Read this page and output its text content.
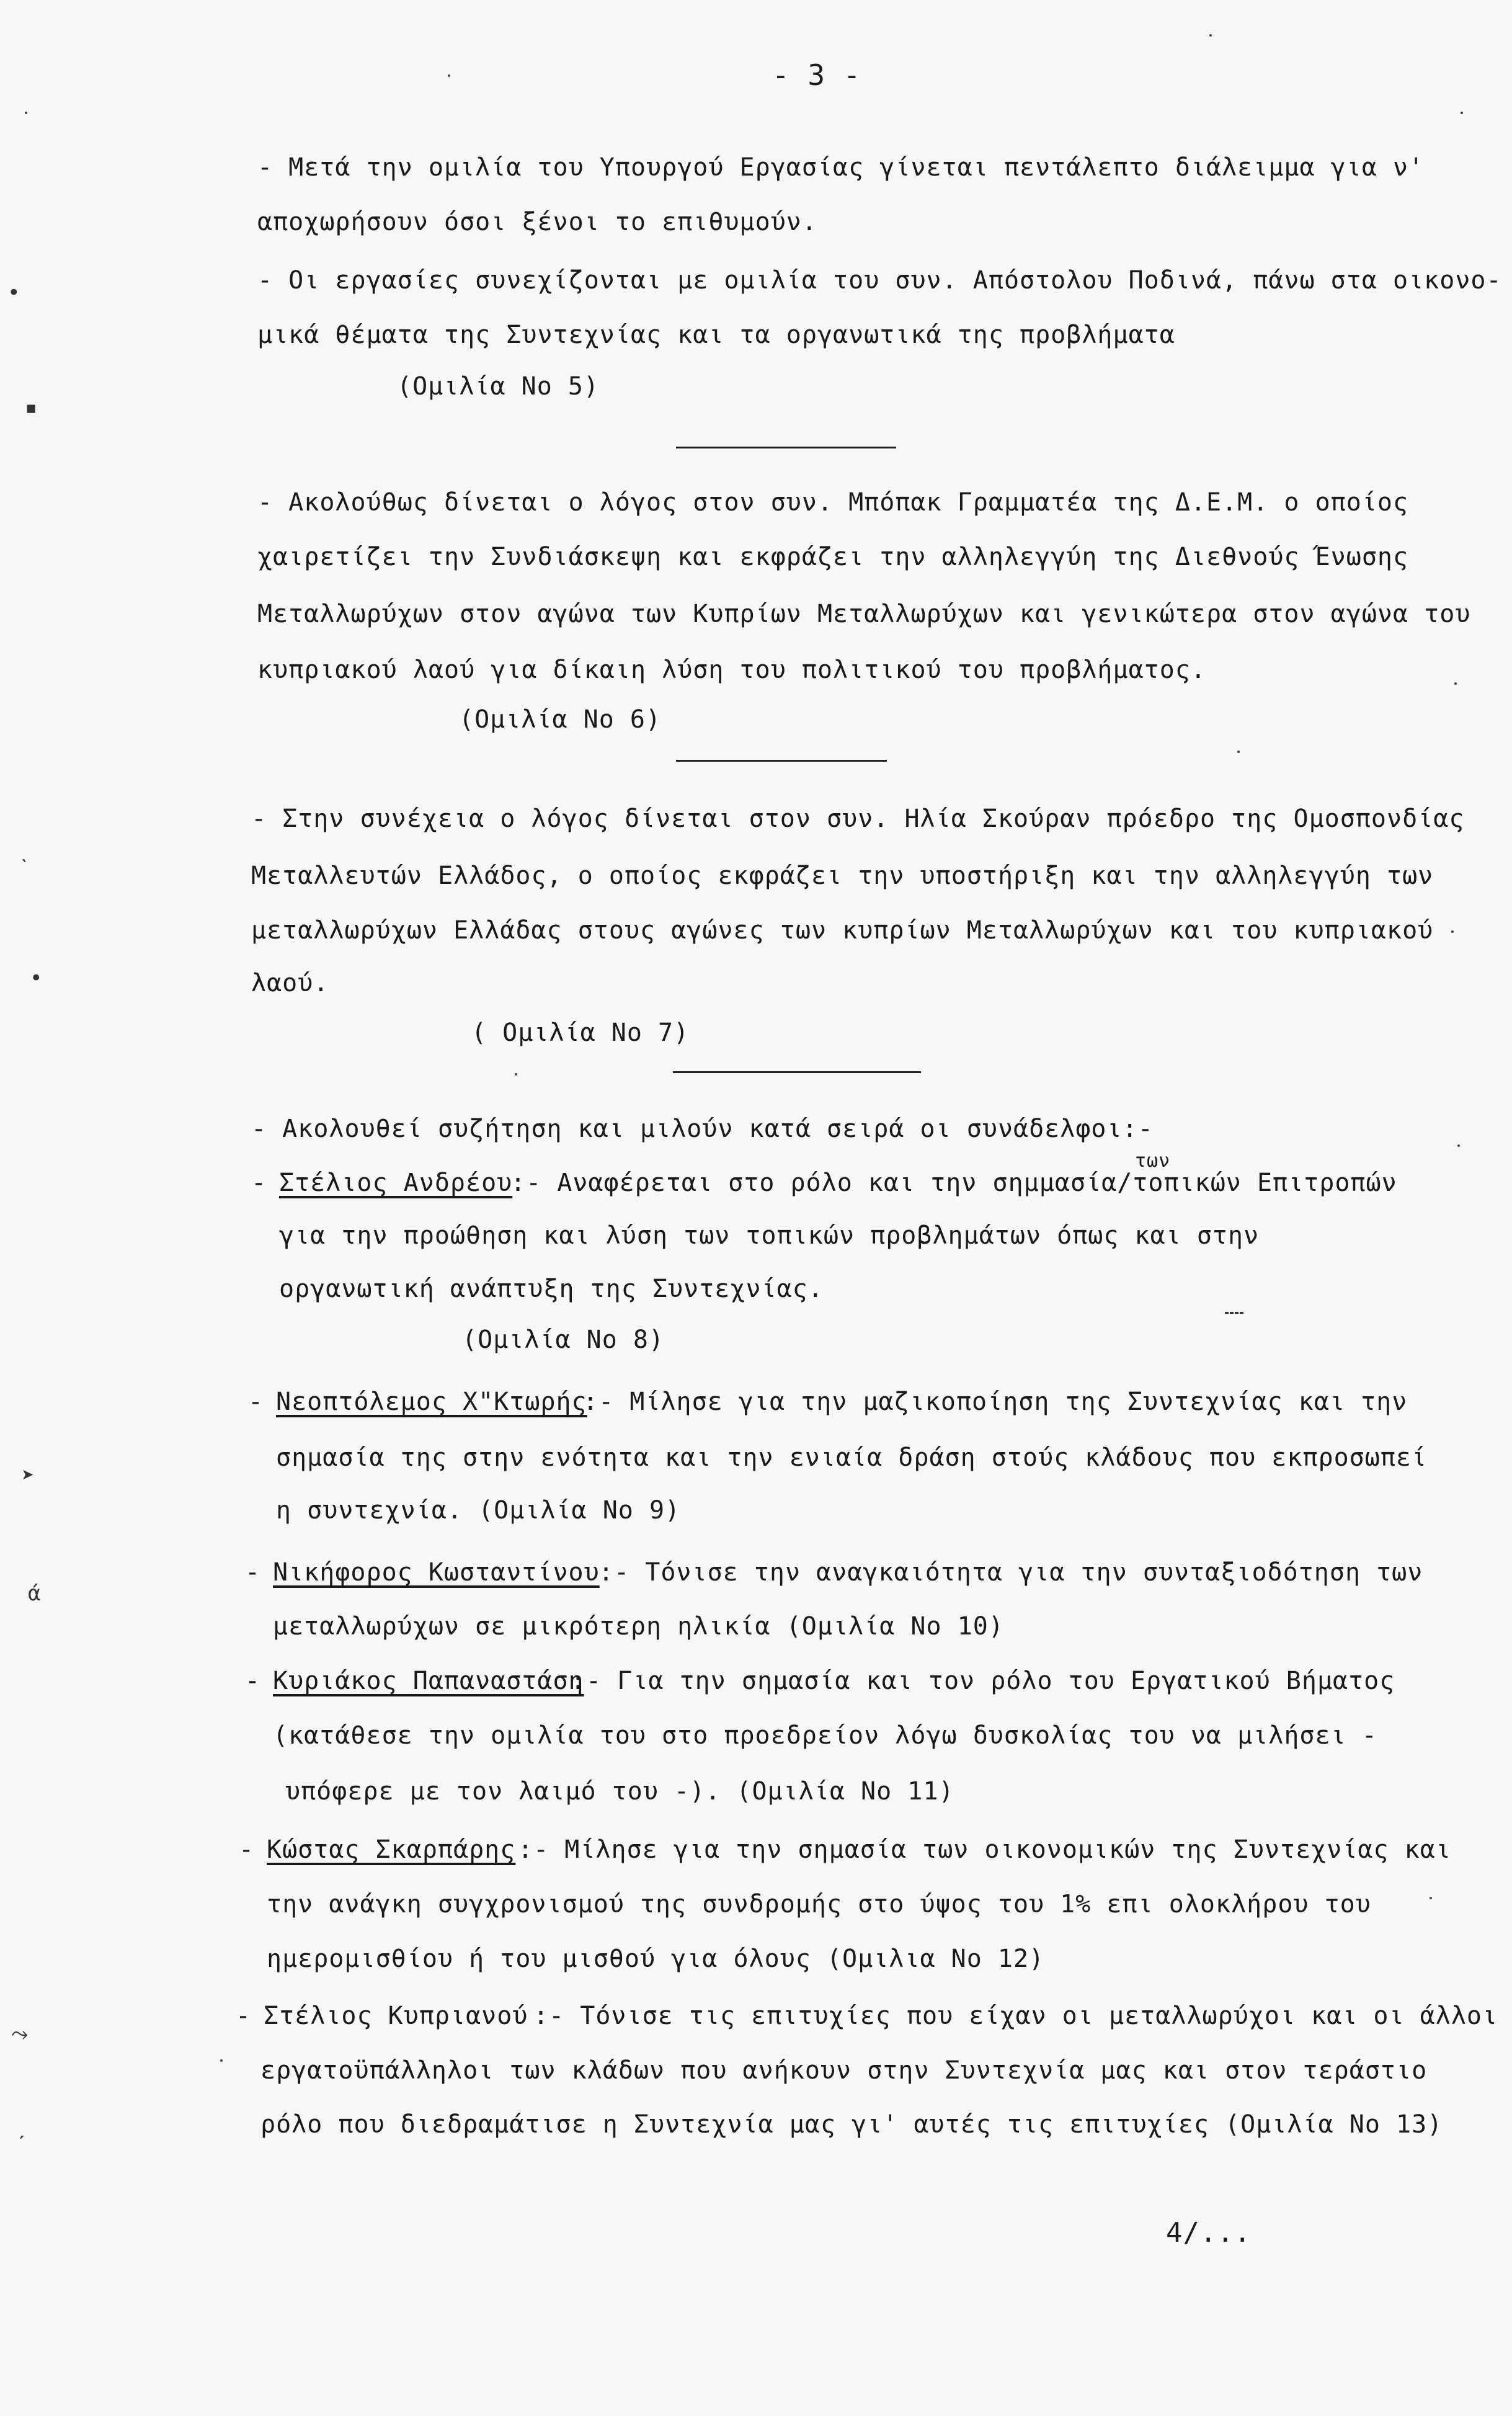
- 3 -
- Μετά την ομιλία του Υπουργού Εργασίας γίνεται πεντάλεπτο διάλειμμα για ν'
αποχωρήσουν όσοι ξένοι το επιθυμούν.
- Οι εργασίες συνεχίζονται με ομιλία του συν. Απόστολου Ποδινά, πάνω στα οικονο-
μικά θέματα της Συντεχνίας και τα οργανωτικά της προβλήματα
(Ομιλία Νο 5)
- Ακολούθως δίνεται ο λόγος στον συν. Μπόπακ Γραμματέα της Δ.Ε.Μ. ο οποίος
χαιρετίζει την Συνδιάσκεψη και εκφράζει την αλληλεγγύη της Διεθνούς Ένωσης
Μεταλλωρύχων στον αγώνα των Κυπρίων Μεταλλωρύχων και γενικώτερα στον αγώνα του
κυπριακού λαού για δίκαιη λύση του πολιτικού του προβλήματος.
(Ομιλία Νο 6)
- Στην συνέχεια ο λόγος δίνεται στον συν. Ηλία Σκούραν πρόεδρο της Ομοσπονδίας
Μεταλλευτών Ελλάδος, ο οποίος εκφράζει την υποστήριξη και την αλληλεγγύη των
μεταλλωρύχων Ελλάδας στους αγώνες των κυπρίων Μεταλλωρύχων και του κυπριακού
λαού.
( Ομιλία Νο 7)
- Ακολουθεί συζήτηση και μιλούν κατά σειρά οι συνάδελφοι:-
- Στέλιος Ανδρέου
:- Αναφέρεται στο ρόλο και την σημμασία/τοπικών Επιτροπών
των
για την προώθηση και λύση των τοπικών προβλημάτων όπως και στην
οργανωτική ανάπτυξη της Συντεχνίας.
(Ομιλία Νο 8)
- Νεοπτόλεμος Χ"Κτωρής
:- Μίλησε για την μαζικοποίηση της Συντεχνίας και την
σημασία της στην ενότητα και την ενιαία δράση στούς κλάδους που εκπροσωπεί
η συντεχνία. (Ομιλία Νο 9)
- Νικήφορος Κωσταντίνου
:- Τόνισε την αναγκαιότητα για την συνταξιοδότηση των
μεταλλωρύχων σε μικρότερη ηλικία (Ομιλία Νο 10)
- Κυριάκος Παπαναστάση
:- Για την σημασία και τον ρόλο του Εργατικού Βήματος
(κατάθεσε την ομιλία του στο προεδρείον λόγω δυσκολίας του να μιλήσει -
υπόφερε με τον λαιμό του -). (Ομιλία Νο 11)
- Κώστας Σκαρπάρης :- Μίλησε για την σημασία των οικονομικών της Συντεχνίας και
την ανάγκη συγχρονισμού της συνδρομής στο ύψος του 1% επι ολοκλήρου του
ημερομισθίου ή του μισθού για όλους (Ομιλια Νο 12)
- Στέλιος Κυπριανού :- Τόνισε τις επιτυχίες που είχαν οι μεταλλωρύχοι και οι άλλοι
εργατοϋπάλληλοι των κλάδων που ανήκουν στην Συντεχνία μας και στον τεράστιο
ρόλο που διεδραμάτισε η Συντεχνία μας γι' αυτές τις επιτυχίες (Ομιλία Νο 13)
4/...
•
▪
ˋ
•
➤
ά
⤳
ˊ
